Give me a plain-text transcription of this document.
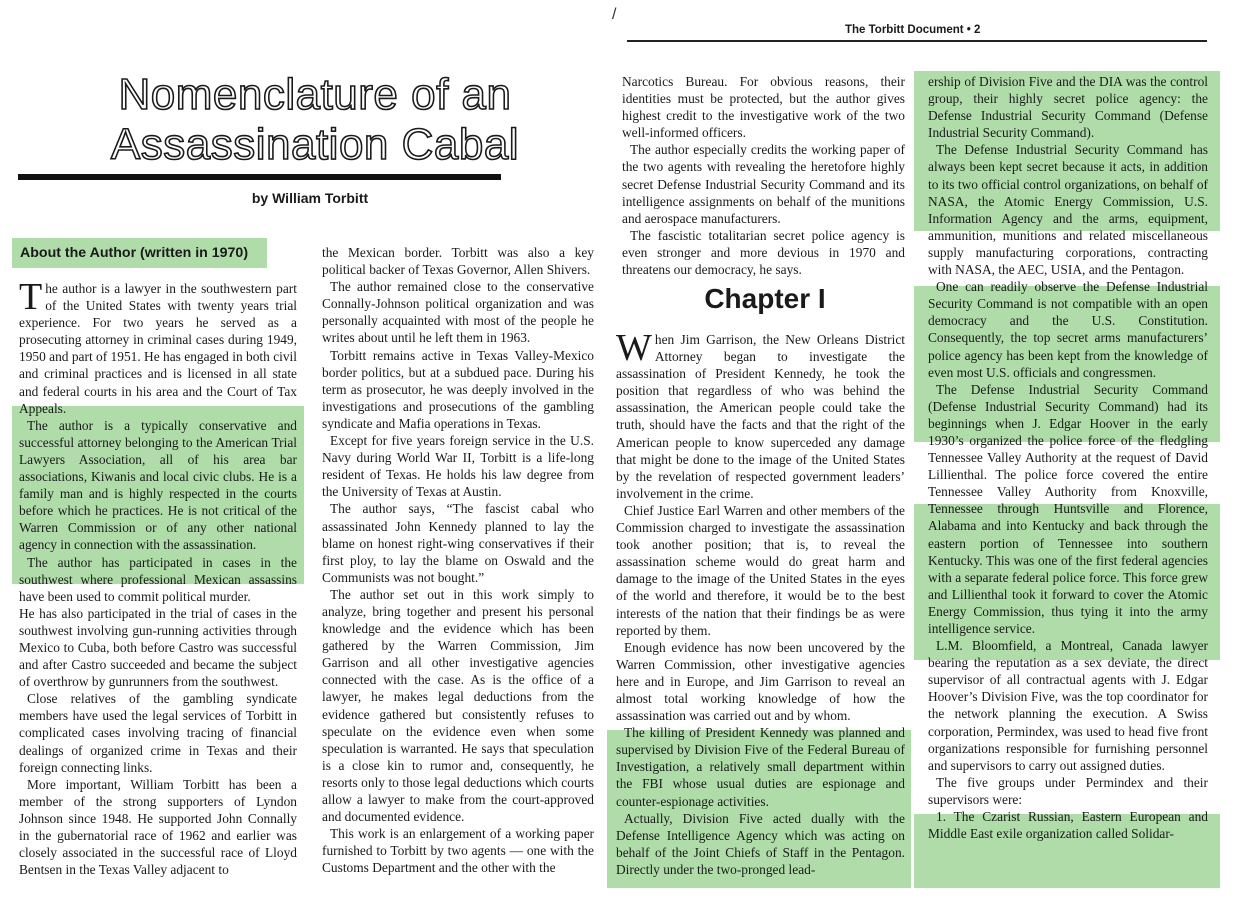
/
Nomenclature of an
Assassination Cabal
by William Torbitt
About the Author (written in 1970)
The Torbitt Document • 2

The author is a lawyer in the southwestern part of the United States with twenty years trial experience. For two years he served as a prosecuting attorney in criminal cases during 1949, 1950 and part of 1951. He has engaged in both civil and criminal practices and is licensed in all state and federal courts in his area and the Court of Tax Appeals.

The author is a typically conservative and successful attorney belonging to the American Trial Lawyers Association, all of his area bar associations, Kiwanis and local civic clubs. He is a family man and is highly respected in the courts before which he practices. He is not critical of the Warren Commission or of any other national agency in connection with the assassination.

The author has participated in cases in the southwest where professional Mexican assassins have been used to commit political murder.

He has also participated in the trial of cases in the southwest involving gun-running activities through Mexico to Cuba, both before Castro was successful and after Castro succeeded and became the subject of overthrow by gunrunners from the southwest.

Close relatives of the gambling syndicate members have used the legal services of Torbitt in complicated cases involving tracing of financial dealings of organized crime in Texas and their foreign connecting links.

More important, William Torbitt has been a member of the strong supporters of Lyndon Johnson since 1948. He supported John Connally in the gubernatorial race of 1962 and earlier was closely associated in the successful race of Lloyd Bentsen in the Texas Valley adjacent to

the Mexican border. Torbitt was also a key political backer of Texas Governor, Allen Shivers.

The author remained close to the conservative Connally-Johnson political organization and was personally acquainted with most of the people he writes about until he left them in 1963.

Torbitt remains active in Texas Valley-Mexico border politics, but at a subdued pace. During his term as prosecutor, he was deeply involved in the investigations and prosecutions of the gambling syndicate and Mafia operations in Texas.

Except for five years foreign service in the U.S. Navy during World War II, Torbitt is a life-long resident of Texas. He holds his law degree from the University of Texas at Austin.

The author says, “The fascist cabal who assassinated John Kennedy planned to lay the blame on honest right-wing conservatives if their first ploy, to lay the blame on Oswald and the Communists was not bought.”

The author set out in this work simply to analyze, bring together and present his personal knowledge and the evidence which has been gathered by the Warren Commission, Jim Garrison and all other investigative agencies connected with the case. As is the office of a lawyer, he makes legal deductions from the evidence gathered but consistently refuses to speculate on the evidence even when some speculation is warranted. He says that speculation is a close kin to rumor and, consequently, he resorts only to those legal deductions which courts allow a lawyer to make from the court-approved and documented evidence.

This work is an enlargement of a working paper furnished to Torbitt by two agents — one with the Customs Department and the other with the

Narcotics Bureau. For obvious reasons, their identities must be protected, but the author gives highest credit to the investigative work of the two well-informed officers.

The author especially credits the working paper of the two agents with revealing the heretofore highly secret Defense Industrial Security Command and its intelligence assignments on behalf of the munitions and aerospace manufacturers.

The fascistic totalitarian secret police agency is even stronger and more devious in 1970 and threatens our democracy, he says.

Chapter I

When Jim Garrison, the New Orleans District Attorney began to investigate the assassination of President Kennedy, he took the position that regardless of who was behind the assassination, the American people could take the truth, should have the facts and that the right of the American people to know superceded any damage that might be done to the image of the United States by the revelation of respected government leaders’ involvement in the crime.

Chief Justice Earl Warren and other members of the Commission charged to investigate the assassination took another position; that is, to reveal the assassination scheme would do great harm and damage to the image of the United States in the eyes of the world and therefore, it would be to the best interests of the nation that their findings be as were reported by them.

Enough evidence has now been uncovered by the Warren Commission, other investigative agencies here and in Europe, and Jim Garrison to reveal an almost total working knowledge of how the assassination was carried out and by whom.

The killing of President Kennedy was planned and supervised by Division Five of the Federal Bureau of Investigation, a relatively small department within the FBI whose usual duties are espionage and counter-espionage activities.

Actually, Division Five acted dually with the Defense Intelligence Agency which was acting on behalf of the Joint Chiefs of Staff in the Pentagon. Directly under the two-pronged lead-

ership of Division Five and the DIA was the control group, their highly secret police agency: the Defense Industrial Security Command (Defense Industrial Security Command).

The Defense Industrial Security Command has always been kept secret because it acts, in addition to its two official control organizations, on behalf of NASA, the Atomic Energy Commission, U.S. Information Agency and the arms, equipment, ammunition, munitions and related miscellaneous supply manufacturing corporations, contracting with NASA, the AEC, USIA, and the Pentagon.

One can readily observe the Defense Industrial Security Command is not compatible with an open democracy and the U.S. Constitution. Consequently, the top secret arms manufacturers’ police agency has been kept from the knowledge of even most U.S. officials and congressmen.

The Defense Industrial Security Command (Defense Industrial Security Command) had its beginnings when J. Edgar Hoover in the early 1930’s organized the police force of the fledgling Tennessee Valley Authority at the request of David Lillienthal. The police force covered the entire Tennessee Valley Authority from Knoxville, Tennessee through Huntsville and Florence, Alabama and into Kentucky and back through the eastern portion of Tennessee into southern Kentucky. This was one of the first federal agencies with a separate federal police force. This force grew and Lillienthal took it forward to cover the Atomic Energy Commission, thus tying it into the army intelligence service.

L.M. Bloomfield, a Montreal, Canada lawyer bearing the reputation as a sex deviate, the direct supervisor of all contractual agents with J. Edgar Hoover’s Division Five, was the top coordinator for the network planning the execution. A Swiss corporation, Permindex, was used to head five front organizations responsible for furnishing personnel and supervisors to carry out assigned duties.

The five groups under Permindex and their supervisors were:

1. The Czarist Russian, Eastern European and Middle East exile organization called Solidar-
